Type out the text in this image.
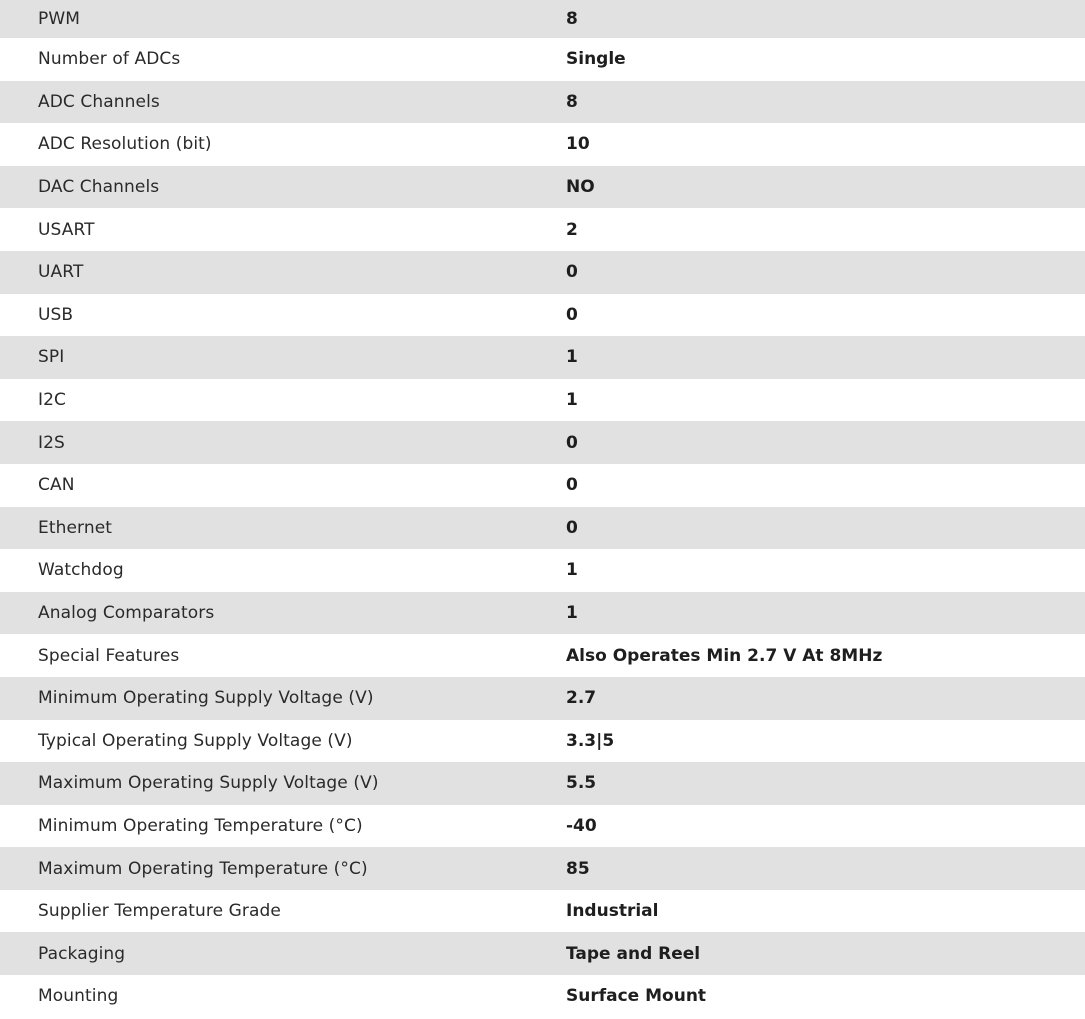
PWM	8
Number of ADCs	Single
ADC Channels	8
ADC Resolution (bit)	10
DAC Channels	NO
USART	2
UART	0
USB	0
SPI	1
I2C	1
I2S	0
CAN	0
Ethernet	0
Watchdog	1
Analog Comparators	1
Special Features	Also Operates Min 2.7 V At 8MHz
Minimum Operating Supply Voltage (V)	2.7
Typical Operating Supply Voltage (V)	3.3|5
Maximum Operating Supply Voltage (V)	5.5
Minimum Operating Temperature (°C)	-40
Maximum Operating Temperature (°C)	85
Supplier Temperature Grade	Industrial
Packaging	Tape and Reel
Mounting	Surface Mount
